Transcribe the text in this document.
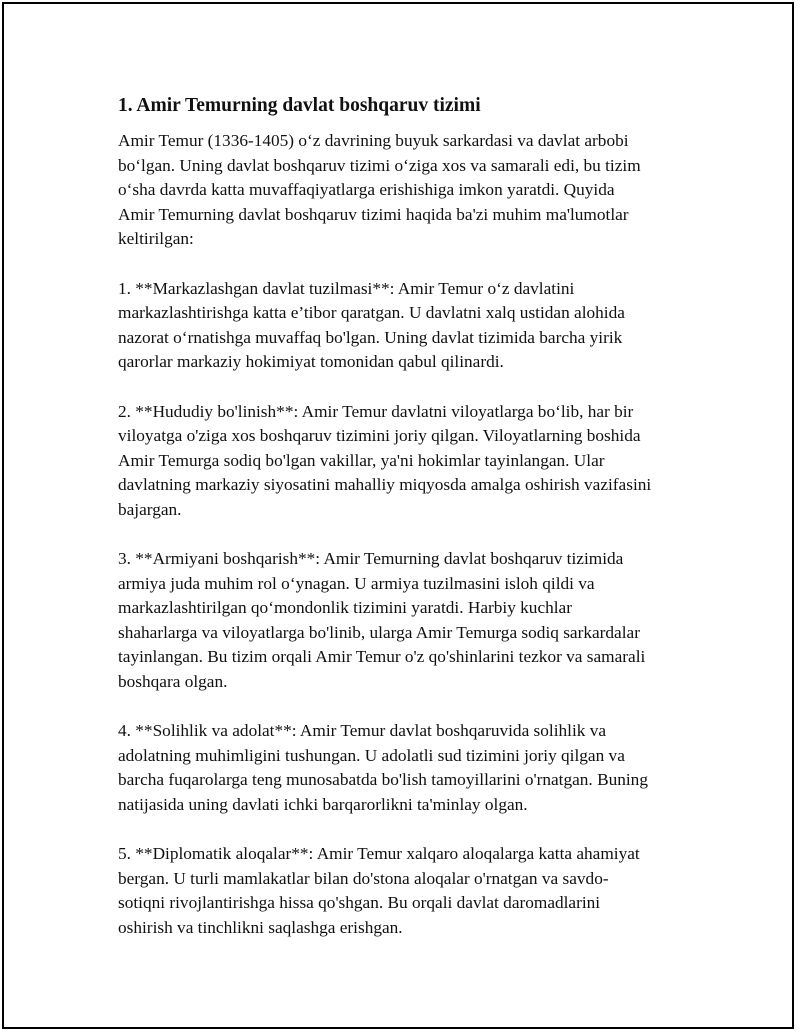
1. Amir Temurning davlat boshqaruv tizimi

Amir Temur (1336-1405) o‘z davrining buyuk sarkardasi va davlat arbobi
bo‘lgan. Uning davlat boshqaruv tizimi o‘ziga xos va samarali edi, bu tizim
o‘sha davrda katta muvaffaqiyatlarga erishishiga imkon yaratdi. Quyida
Amir Temurning davlat boshqaruv tizimi haqida ba'zi muhim ma'lumotlar
keltirilgan:

1. **Markazlashgan davlat tuzilmasi**: Amir Temur o‘z davlatini
markazlashtirishga katta e’tibor qaratgan. U davlatni xalq ustidan alohida
nazorat o‘rnatishga muvaffaq bo'lgan. Uning davlat tizimida barcha yirik
qarorlar markaziy hokimiyat tomonidan qabul qilinardi.

2. **Hududiy bo'linish**: Amir Temur davlatni viloyatlarga bo‘lib, har bir
viloyatga o'ziga xos boshqaruv tizimini joriy qilgan. Viloyatlarning boshida
Amir Temurga sodiq bo'lgan vakillar, ya'ni hokimlar tayinlangan. Ular
davlatning markaziy siyosatini mahalliy miqyosda amalga oshirish vazifasini
bajargan.

3. **Armiyani boshqarish**: Amir Temurning davlat boshqaruv tizimida
armiya juda muhim rol o‘ynagan. U armiya tuzilmasini isloh qildi va
markazlashtirilgan qo‘mondonlik tizimini yaratdi. Harbiy kuchlar
shaharlarga va viloyatlarga bo'linib, ularga Amir Temurga sodiq sarkardalar
tayinlangan. Bu tizim orqali Amir Temur o'z qo'shinlarini tezkor va samarali
boshqara olgan.

4. **Solihlik va adolat**: Amir Temur davlat boshqaruvida solihlik va
adolatning muhimligini tushungan. U adolatli sud tizimini joriy qilgan va
barcha fuqarolarga teng munosabatda bo'lish tamoyillarini o'rnatgan. Buning
natijasida uning davlati ichki barqarorlikni ta'minlay olgan.

5. **Diplomatik aloqalar**: Amir Temur xalqaro aloqalarga katta ahamiyat
bergan. U turli mamlakatlar bilan do'stona aloqalar o'rnatgan va savdo-
sotiqni rivojlantirishga hissa qo'shgan. Bu orqali davlat daromadlarini
oshirish va tinchlikni saqlashga erishgan.
